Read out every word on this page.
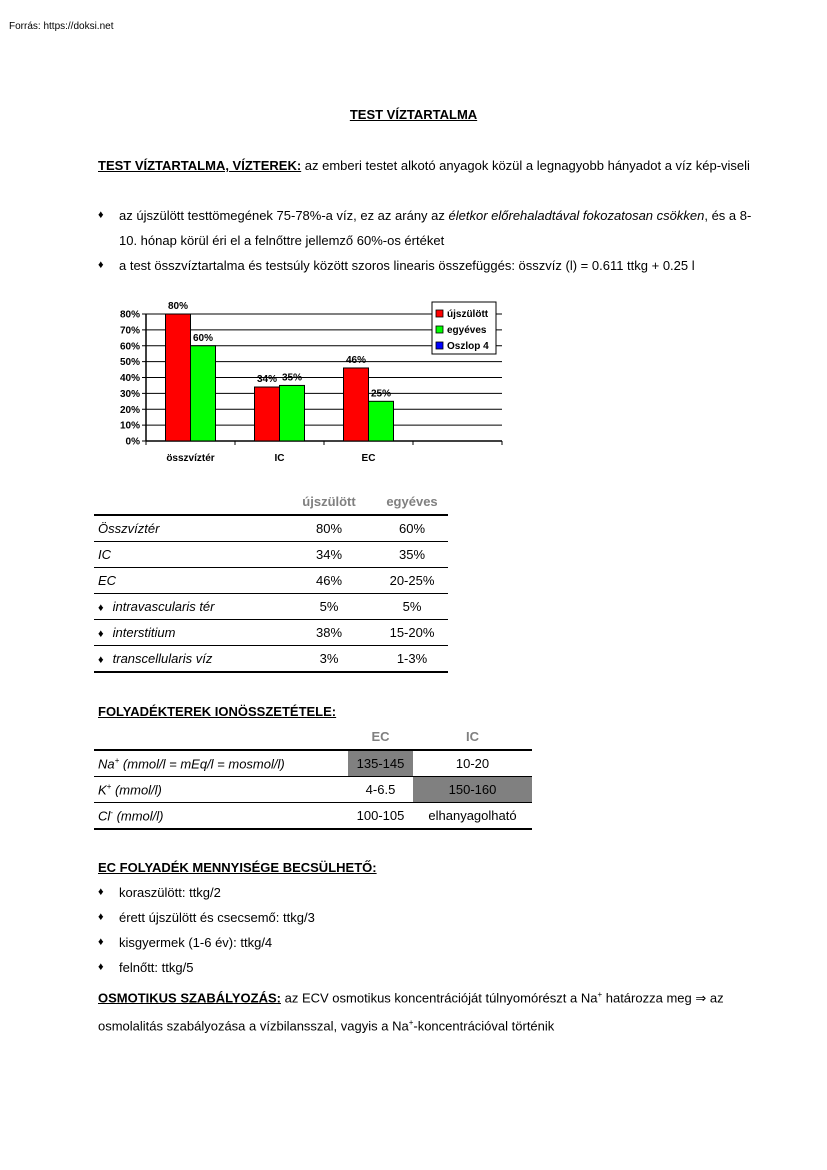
Forrás: https://doksi.net
TEST VÍZTARTALMA
TEST VÍZTARTALMA, VÍZTEREK: az emberi testet alkotó anyagok közül a legnagyobb hányadot a víz kép-viseli
♦ az újszülött testtömegének 75-78%-a víz, ez az arány az életkor előrehaladtával fokozatosan csökken, és a 8-10. hónap körül éri el a felnőttre jellemző 60%-os értéket
♦ a test összvíztartalma és testsúly között szoros linearis összefüggés: összvíz (l) = 0.611 ttkg + 0.25 l
0%
10%
20%
30%
40%
50%
60%
70%
80%
összvíztér
80%
60%
IC
34% 35%
EC
46%
25%
újszülött
egyéves
Oszlop 4
	újszülött	egyéves
Összvíztér	80%	60%
IC	34%	35%
EC	46%	20-25%
♦ intravascularis tér	5%	5%
♦ interstitium	38%	15-20%
♦ transcellularis víz	3%	1-3%
FOLYADÉKTEREK IONÖSSZETÉTELE:
	EC	IC
Na+ (mmol/l = mEq/l = mosmol/l)	135-145	10-20
K+ (mmol/l)	4-6.5	150-160
Cl- (mmol/l)	100-105	elhanyagolható
EC FOLYADÉK MENNYISÉGE BECSÜLHETŐ:
♦ koraszülött: ttkg/2
♦ érett újszülött és csecsemő: ttkg/3
♦ kisgyermek (1-6 év): ttkg/4
♦ felnőtt: ttkg/5
OSMOTIKUS SZABÁLYOZÁS: az ECV osmotikus koncentrációját túlnyomórészt a Na+ határozza meg ⇒ az osmolalitás szabályozása a vízbilansszal, vagyis a Na+-koncentrációval történik
